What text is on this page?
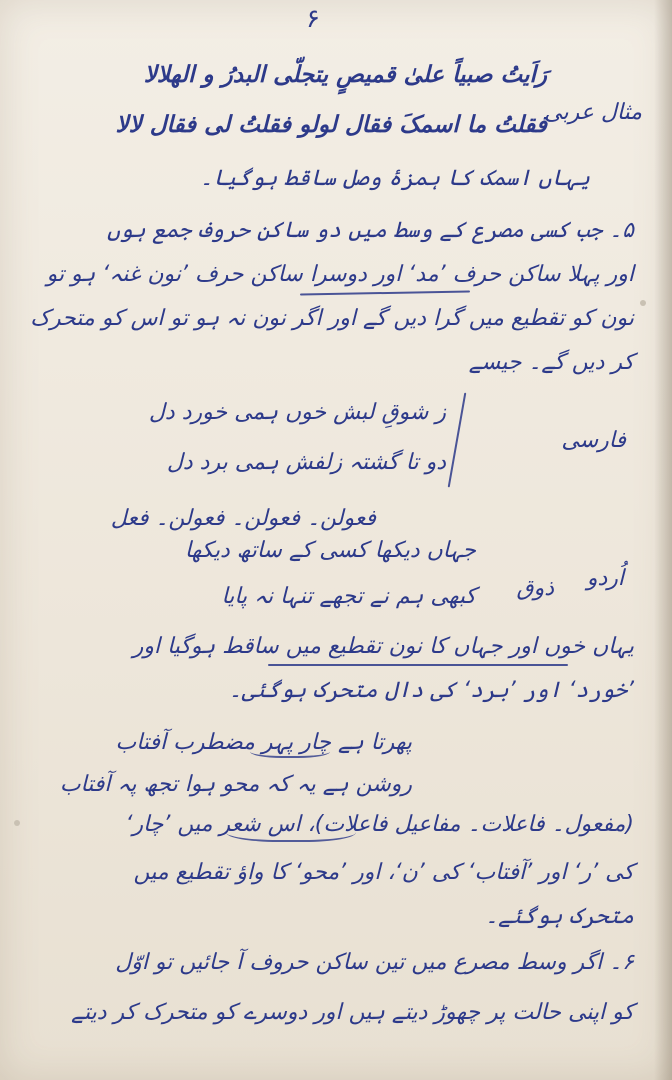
۶
مثال عربی
رَاَیتُ صبیاً علیٰ قمیصٍ یتجلّی البدرُ و الھلالا
فقلتُ ما اسمکَ فقال لولو فقلتُ لی فقال لالا
یہاں اسمک کا ہمزۂ وصل ساقط ہوگیا۔
۵۔ جب کسی مصرع کے وسط میں دو ساکن حروف جمع ہوں
اور پہلا ساکن حرف ’مد‘ اور دوسرا ساکن حرف ’نون غنہ‘ ہو تو
نون کو تقطیع میں گرا دیں گے اور اگر نون نہ ہو تو اس کو متحرک
کر دیں گے۔ جیسے
فارسی
ز شوقِ لبش خوں ہمی خورد دل
دو تا گشتہ زلفش ہمی برد دل
فعولن۔ فعولن۔ فعولن۔ فعل
اُردو
جہاں دیکھا کسی کے ساتھ دیکھا
کبھی ہم نے تجھے تنہا نہ پایا ذوق
یہاں خوں اور جہاں کا نون تقطیع میں ساقط ہوگیا اور
’خورد‘ اور ’برد‘ کی دال متحرک ہوگئی۔
پھرتا ہے چار پہر مضطرب آفتاب
روشن ہے یہ کہ محو ہوا تجھ پہ آفتاب
(مفعول۔ فاعلات۔ مفاعیل فاعلات)، اس شعر میں ’چار‘
کی ’ر‘ اور ’آفتاب‘ کی ’ن‘، اور ’محو‘ کا واؤ تقطیع میں
متحرک ہوگئے۔
۶۔ اگر وسط مصرع میں تین ساکن حروف آ جائیں تو اوّل
کو اپنی حالت پر چھوڑ دیتے ہیں اور دوسرے کو متحرک کر دیتے
